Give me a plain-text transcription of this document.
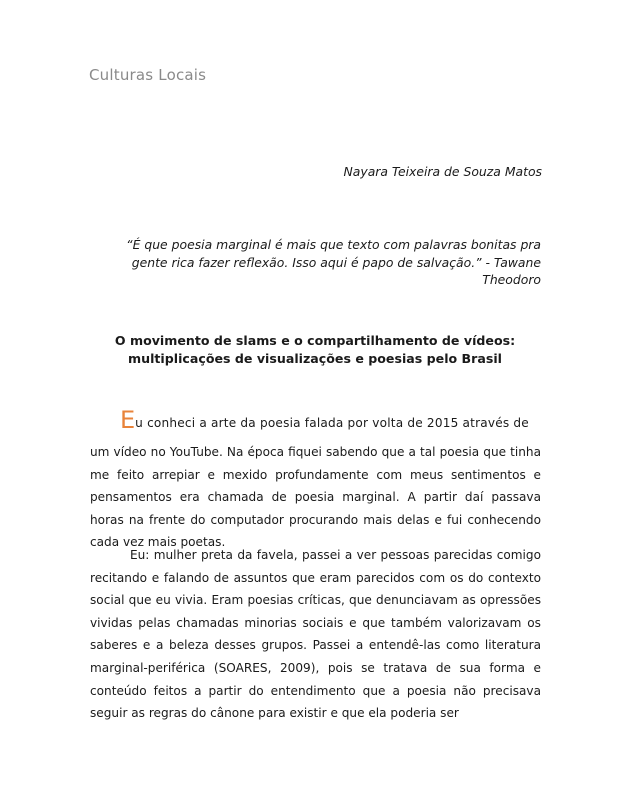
Culturas Locais
Nayara Teixeira de Souza Matos

“É que poesia marginal é mais que texto com palavras bonitas pra gente rica fazer reflexão. Isso aqui é papo de salvação.” - Tawane Theodoro

O movimento de slams e o compartilhamento de vídeos:
multiplicações de visualizações e poesias pelo Brasil

Eu conheci a arte da poesia falada por volta de 2015 através de

um vídeo no YouTube. Na época fiquei sabendo que a tal poesia que tinha me feito arrepiar e mexido profundamente com meus sentimentos e pensamentos era chamada de poesia marginal. A partir daí passava horas na frente do computador procurando mais delas e fui conhecendo cada vez mais poetas.

Eu: mulher preta da favela, passei a ver pessoas parecidas comigo recitando e falando de assuntos que eram parecidos com os do contexto social que eu vivia. Eram poesias críticas, que denunciavam as opressões vividas pelas chamadas minorias sociais e que também valorizavam os saberes e a beleza desses grupos. Passei a entendê-las como literatura marginal-periférica (SOARES, 2009), pois se tratava de sua forma e conteúdo feitos a partir do entendimento que a poesia não precisava seguir as regras do cânone para existir e que ela poderia ser
